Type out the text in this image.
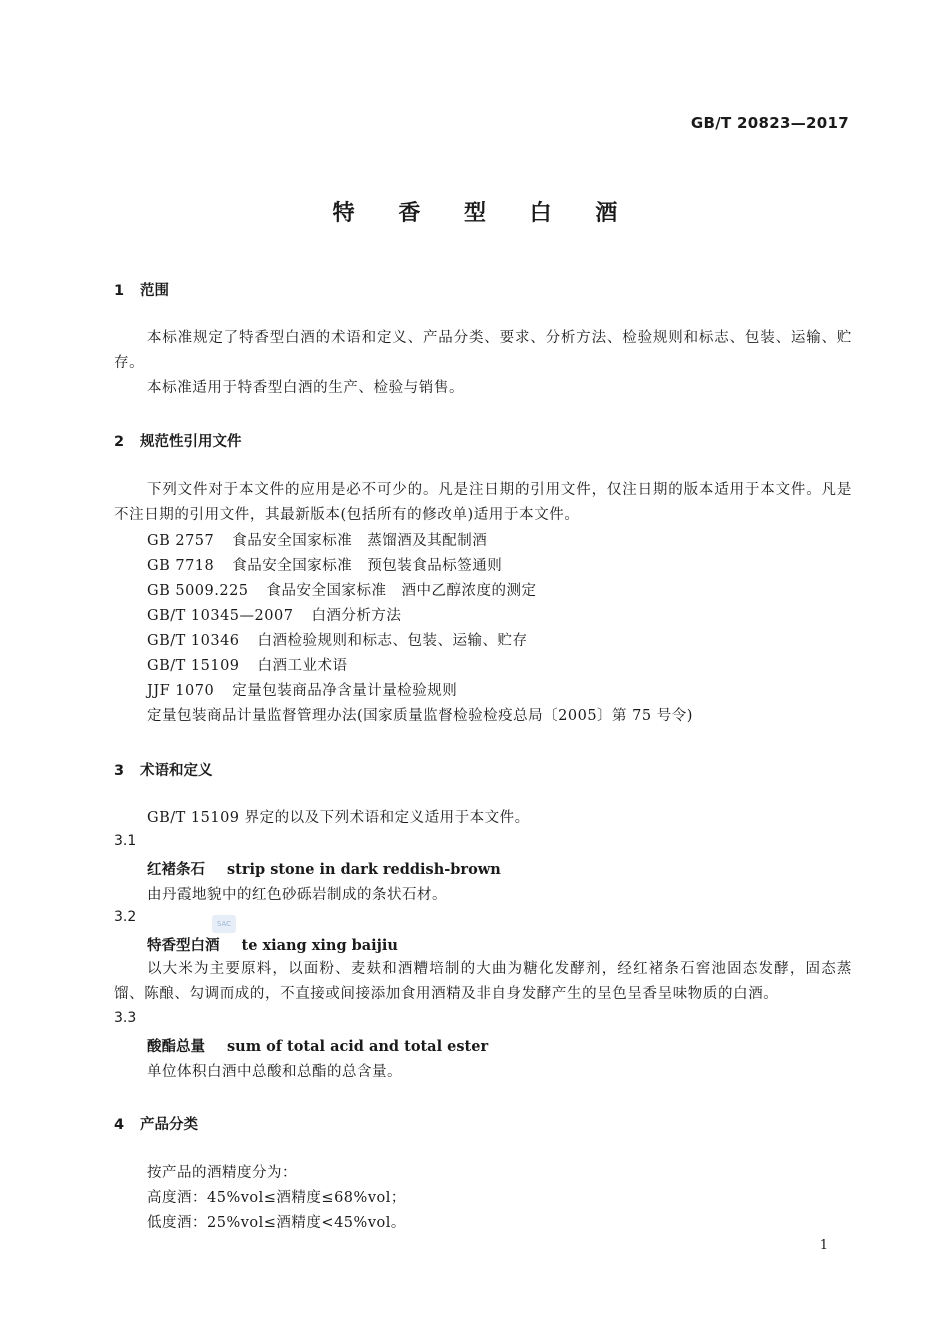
GB/T 20823—2017
特 香 型 白 酒
1 范围
本标准规定了特香型白酒的术语和定义、产品分类、要求、分析方法、检验规则和标志、包装、运输、贮存。
本标准适用于特香型白酒的生产、检验与销售。
2 规范性引用文件
下列文件对于本文件的应用是必不可少的。凡是注日期的引用文件，仅注日期的版本适用于本文件。凡是不注日期的引用文件，其最新版本(包括所有的修改单)适用于本文件。
GB 2757 食品安全国家标准　蒸馏酒及其配制酒
GB 7718 食品安全国家标准　预包装食品标签通则
GB 5009.225 食品安全国家标准　酒中乙醇浓度的测定
GB/T 10345—2007 白酒分析方法
GB/T 10346 白酒检验规则和标志、包装、运输、贮存
GB/T 15109 白酒工业术语
JJF 1070 定量包装商品净含量计量检验规则
定量包装商品计量监督管理办法(国家质量监督检验检疫总局〔2005〕第 75 号令)
3 术语和定义
GB/T 15109 界定的以及下列术语和定义适用于本文件。
3.1
红褚条石 strip stone in dark reddish-brown
由丹霞地貌中的红色砂砾岩制成的条状石材。
3.2	SAC
特香型白酒 te xiang xing baijiu
以大米为主要原料，以面粉、麦麸和酒糟培制的大曲为糖化发酵剂，经红褚条石窖池固态发酵，固态蒸馏、陈酿、勾调而成的，不直接或间接添加食用酒精及非自身发酵产生的呈色呈香呈味物质的白酒。
3.3
酸酯总量 sum of total acid and total ester
单位体积白酒中总酸和总酯的总含量。
4 产品分类
按产品的酒精度分为：
高度酒：45%vol≤酒精度≤68%vol；
低度酒：25%vol≤酒精度<45%vol。
1
